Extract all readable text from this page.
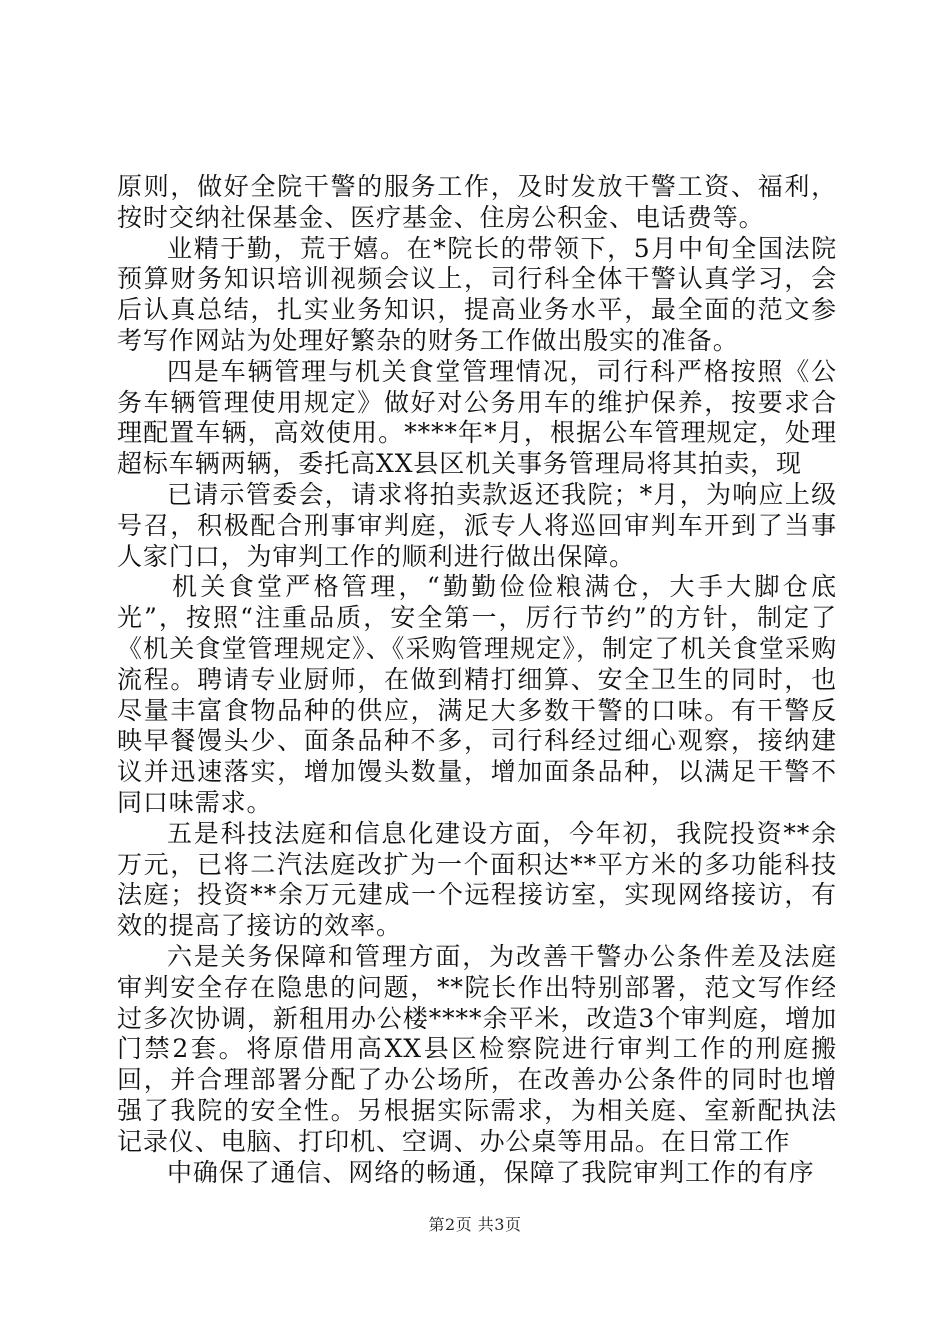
原则，做好全院干警的服务工作，及时发放干警工资、福利，按时交纳社保基金、医疗基金、住房公积金、电话费等。

业精于勤，荒于嬉。在*院长的带领下，5月中旬全国法院预算财务知识培训视频会议上，司行科全体干警认真学习，会后认真总结，扎实业务知识，提高业务水平，最全面的范文参考写作网站为处理好繁杂的财务工作做出殷实的准备。

四是车辆管理与机关食堂管理情况，司行科严格按照《公务车辆管理使用规定》做好对公务用车的维护保养，按要求合理配置车辆，高效使用。****年*月，根据公车管理规定，处理超标车辆两辆，委托高XX县区机关事务管理局将其拍卖，现

已请示管委会，请求将拍卖款返还我院；*月，为响应上级号召，积极配合刑事审判庭，派专人将巡回审判车开到了当事人家门口，为审判工作的顺利进行做出保障。

机关食堂严格管理，“勤勤俭俭粮满仓，大手大脚仓底光”，按照“注重品质，安全第一，厉行节约”的方针，制定了《机关食堂管理规定》、《采购管理规定》，制定了机关食堂采购流程。聘请专业厨师，在做到精打细算、安全卫生的同时，也尽量丰富食物品种的供应，满足大多数干警的口味。有干警反映早餐馒头少、面条品种不多，司行科经过细心观察，接纳建议并迅速落实，增加馒头数量，增加面条品种，以满足干警不同口味需求。

五是科技法庭和信息化建设方面，今年初，我院投资**余万元，已将二汽法庭改扩为一个面积达**平方米的多功能科技法庭；投资**余万元建成一个远程接访室，实现网络接访，有效的提高了接访的效率。

六是关务保障和管理方面，为改善干警办公条件差及法庭审判安全存在隐患的问题，**院长作出特别部署，范文写作经过多次协调，新租用办公楼****余平米，改造3个审判庭，增加门禁2套。将原借用高XX县区检察院进行审判工作的刑庭搬回，并合理部署分配了办公场所，在改善办公条件的同时也增强了我院的安全性。另根据实际需求，为相关庭、室新配执法记录仪、电脑、打印机、空调、办公桌等用品。在日常工作

中确保了通信、网络的畅通，保障了我院审判工作的有序

第2页 共3页
